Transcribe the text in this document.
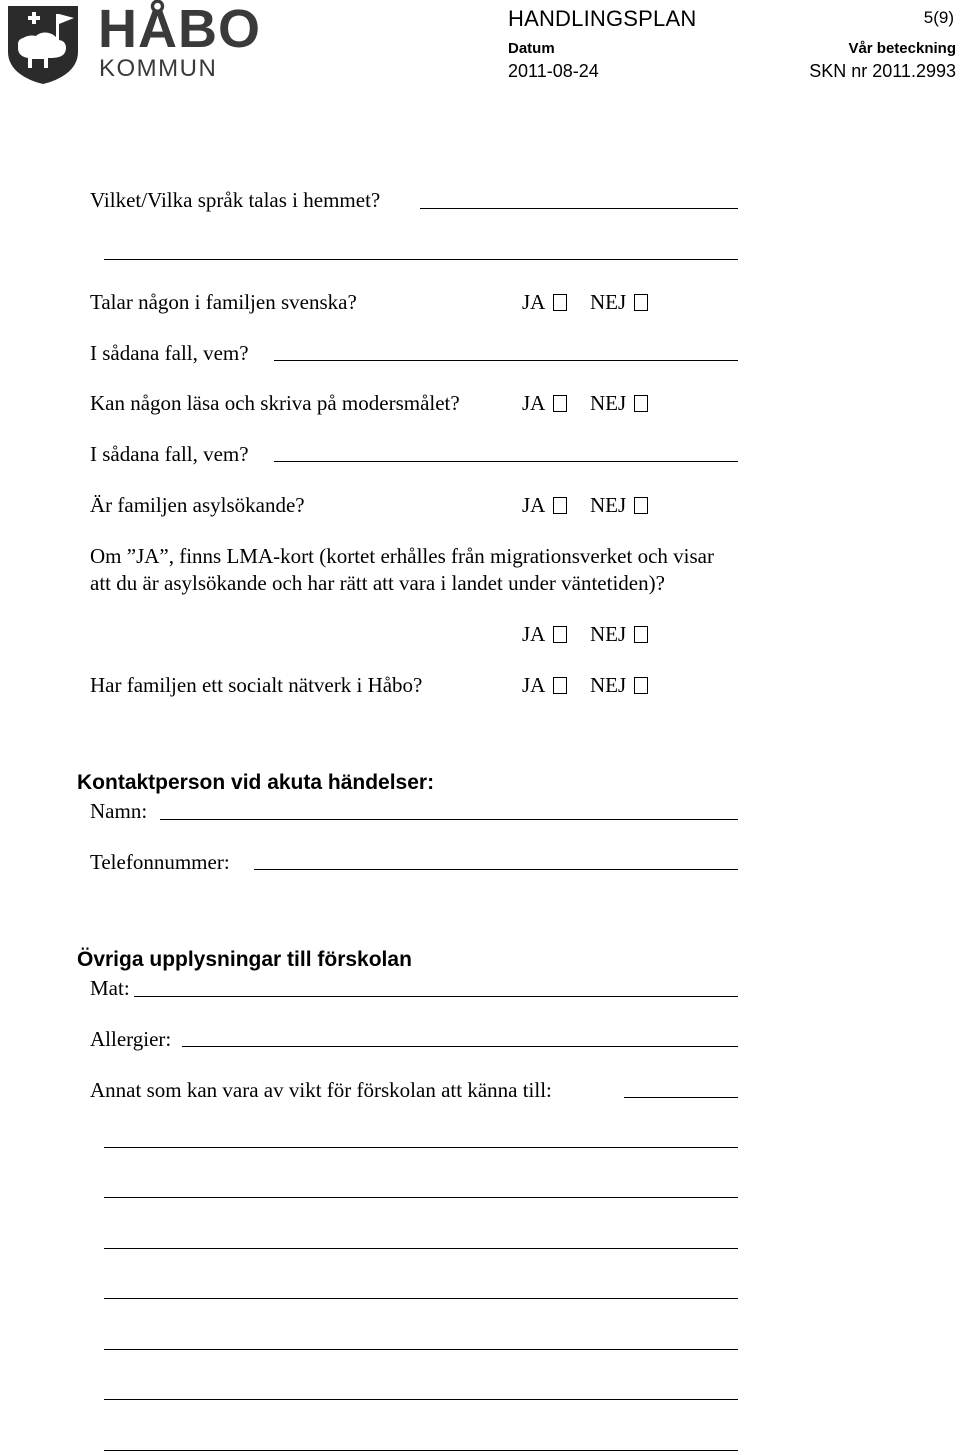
HÅBO
KOMMUN
HANDLINGSPLAN	5(9)
Datum
2011-08-24
Vår beteckning
SKN nr 2011.2993
Vilket/Vilka språk talas i hemmet?
Talar någon i familjen svenska?	JA	NEJ
I sådana fall, vem?
Kan någon läsa och skriva på modersmålet?	JA	NEJ
I sådana fall, vem?
Är familjen asylsökande?	JA	NEJ
Om ”JA”, finns LMA-kort (kortet erhålles från migrationsverket och visar
att du är asylsökande och har rätt att vara i landet under väntetiden)?
JA	NEJ
Har familjen ett socialt nätverk i Håbo?	JA	NEJ
Kontaktperson vid akuta händelser:
Namn:
Telefonnummer:
Övriga upplysningar till förskolan
Mat:
Allergier:
Annat som kan vara av vikt för förskolan att känna till:
